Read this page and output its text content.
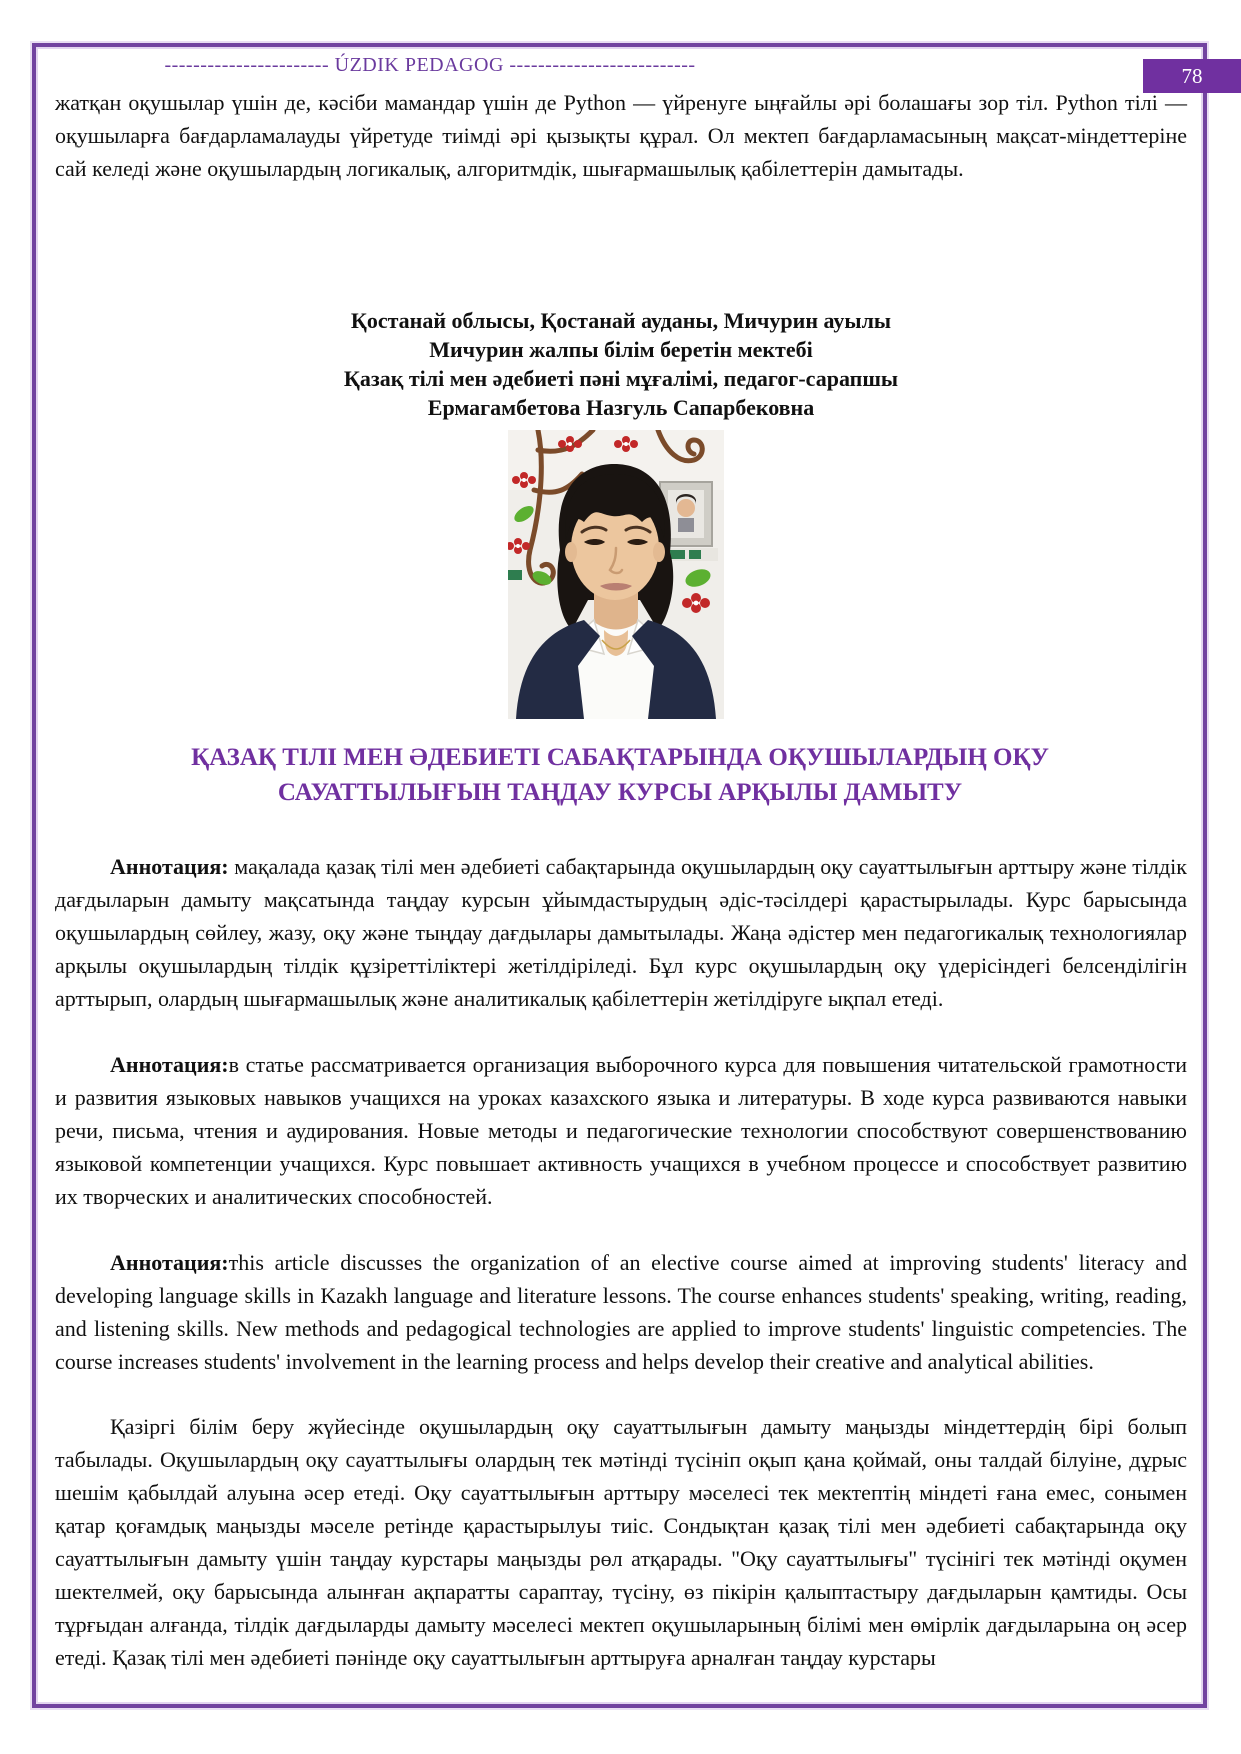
----------------------- ÚZDIK PEDAGOG --------------------------	78

жатқан оқушылар үшін де, кәсіби мамандар үшін де Python — үйренуге ыңғайлы әрі болашағы зор тіл. Python тілі — оқушыларға бағдарламалауды үйретуде тиімді әрі қызықты құрал. Ол мектеп бағдарламасының мақсат-міндеттеріне сай келеді және оқушылардың логикалық, алгоритмдік, шығармашылық қабілеттерін дамытады.

Қостанай облысы, Қостанай ауданы, Мичурин ауылы
Мичурин жалпы білім беретін мектебі
Қазақ тілі мен әдебиеті пәні мұғалімі, педагог-сарапшы
Ермагамбетова Назгуль Сапарбековна
ҚАЗАҚ ТІЛІ МЕН ӘДЕБИЕТІ САБАҚТАРЫНДА ОҚУШЫЛАРДЫҢ ОҚУ САУАТТЫЛЫҒЫН ТАҢДАУ КУРСЫ АРҚЫЛЫ ДАМЫТУ

Аннотация: мақалада қазақ тілі мен әдебиеті сабақтарында оқушылардың оқу сауаттылығын арттыру және тілдік дағдыларын дамыту мақсатында таңдау курсын ұйымдастырудың әдіс-тәсілдері қарастырылады. Курс барысында оқушылардың сөйлеу, жазу, оқу және тыңдау дағдылары дамытылады. Жаңа әдістер мен педагогикалық технологиялар арқылы оқушылардың тілдік құзіреттіліктері жетілдіріледі. Бұл курс оқушылардың оқу үдерісіндегі белсенділігін арттырып, олардың шығармашылық және аналитикалық қабілеттерін жетілдіруге ықпал етеді.

Аннотация:в статье рассматривается организация выборочного курса для повышения читательской грамотности и развития языковых навыков учащихся на уроках казахского языка и литературы. В ходе курса развиваются навыки речи, письма, чтения и аудирования. Новые методы и педагогические технологии способствуют совершенствованию языковой компетенции учащихся. Курс повышает активность учащихся в учебном процессе и способствует развитию их творческих и аналитических способностей.

Аннотация:тhis article discusses the organization of an elective course aimed at improving students' literacy and developing language skills in Kazakh language and literature lessons. The course enhances students' speaking, writing, reading, and listening skills. New methods and pedagogical technologies are applied to improve students' linguistic competencies. The course increases students' involvement in the learning process and helps develop their creative and analytical abilities.

Қазіргі білім беру жүйесінде оқушылардың оқу сауаттылығын дамыту маңызды міндеттердің бірі болып табылады. Оқушылардың оқу сауаттылығы олардың тек мәтінді түсініп оқып қана қоймай, оны талдай білуіне, дұрыс шешім қабылдай алуына әсер етеді. Оқу сауаттылығын арттыру мәселесі тек мектептің міндеті ғана емес, сонымен қатар қоғамдық маңызды мәселе ретінде қарастырылуы тиіс. Сондықтан қазақ тілі мен әдебиеті сабақтарында оқу сауаттылығын дамыту үшін таңдау курстары маңызды рөл атқарады. "Оқу сауаттылығы" түсінігі тек мәтінді оқумен шектелмей, оқу барысында алынған ақпаратты сараптау, түсіну, өз пікірін қалыптастыру дағдыларын қамтиды. Осы тұрғыдан алғанда, тілдік дағдыларды дамыту мәселесі мектеп оқушыларының білімі мен өмірлік дағдыларына оң әсер етеді. Қазақ тілі мен әдебиеті пәнінде оқу сауаттылығын арттыруға арналған таңдау курстары
